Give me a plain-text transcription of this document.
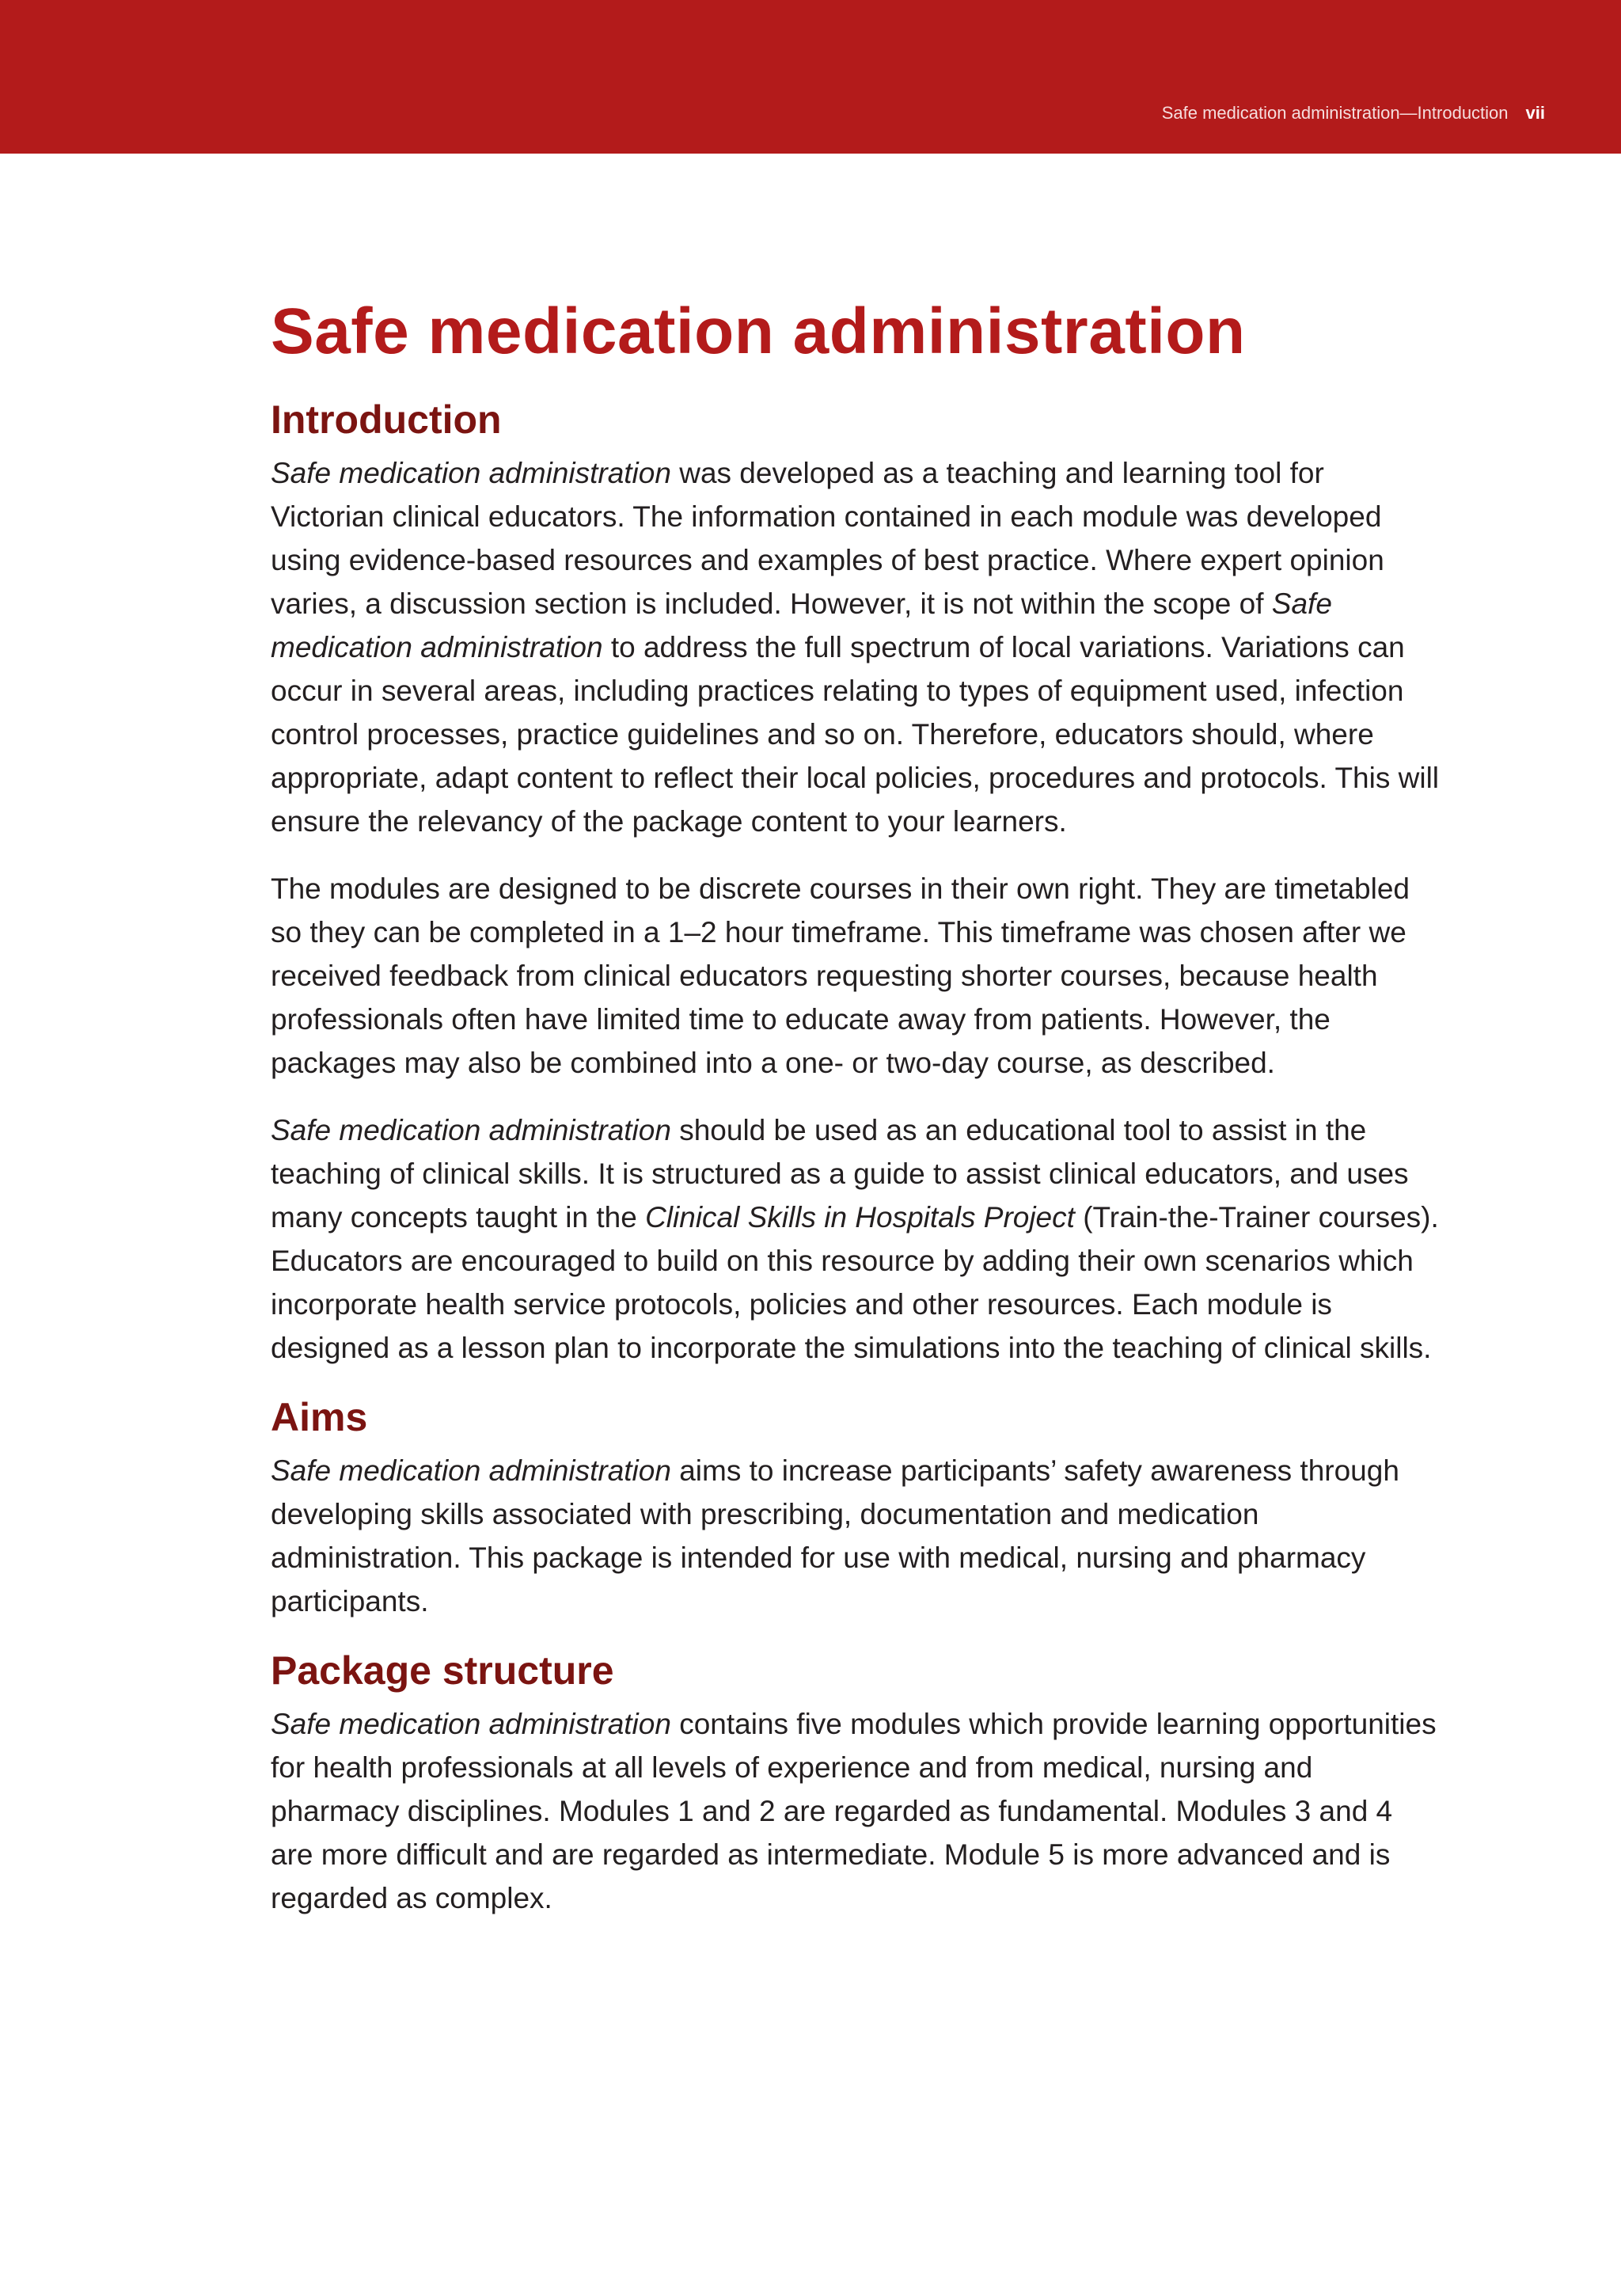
Safe medication administration—Introduction vii
Safe medication administration
Introduction

Safe medication administration was developed as a teaching and learning tool for Victorian clinical educators. The information contained in each module was developed using evidence-based resources and examples of best practice. Where expert opinion varies, a discussion section is included. However, it is not within the scope of Safe medication administration to address the full spectrum of local variations. Variations can occur in several areas, including practices relating to types of equipment used, infection control processes, practice guidelines and so on. Therefore, educators should, where appropriate, adapt content to reflect their local policies, procedures and protocols. This will ensure the relevancy of the package content to your learners.

The modules are designed to be discrete courses in their own right. They are timetabled so they can be completed in a 1–2 hour timeframe. This timeframe was chosen after we received feedback from clinical educators requesting shorter courses, because health professionals often have limited time to educate away from patients. However, the packages may also be combined into a one- or two-day course, as described.

Safe medication administration should be used as an educational tool to assist in the teaching of clinical skills. It is structured as a guide to assist clinical educators, and uses many concepts taught in the Clinical Skills in Hospitals Project (Train-the-Trainer courses). Educators are encouraged to build on this resource by adding their own scenarios which incorporate health service protocols, policies and other resources. Each module is designed as a lesson plan to incorporate the simulations into the teaching of clinical skills.

Aims

Safe medication administration aims to increase participants’ safety awareness through developing skills associated with prescribing, documentation and medication administration. This package is intended for use with medical, nursing and pharmacy participants.

Package structure

Safe medication administration contains five modules which provide learning opportunities for health professionals at all levels of experience and from medical, nursing and pharmacy disciplines. Modules 1 and 2 are regarded as fundamental. Modules 3 and 4 are more difficult and are regarded as intermediate. Module 5 is more advanced and is regarded as complex.
